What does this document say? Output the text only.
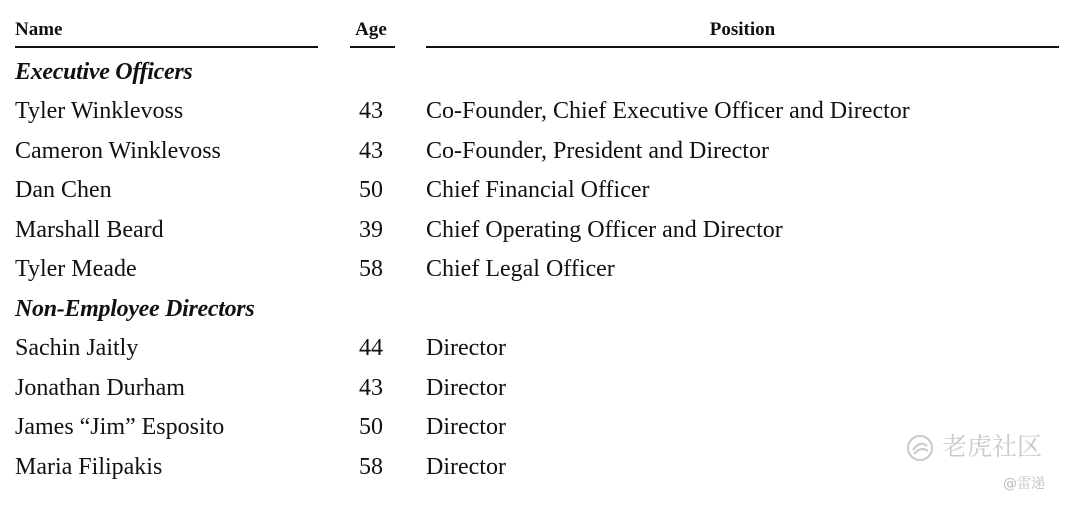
Name	Age	Position
Executive Officers
Tyler Winklevoss	43	Co-Founder, Chief Executive Officer and Director
Cameron Winklevoss	43	Co-Founder, President and Director
Dan Chen	50	Chief Financial Officer
Marshall Beard	39	Chief Operating Officer and Director
Tyler Meade	58	Chief Legal Officer
Non-Employee Directors
Sachin Jaitly	44	Director
Jonathan Durham	43	Director
James “Jim” Esposito	50	Director
Maria Filipakis	58	Director
老虎社区
@雷递
